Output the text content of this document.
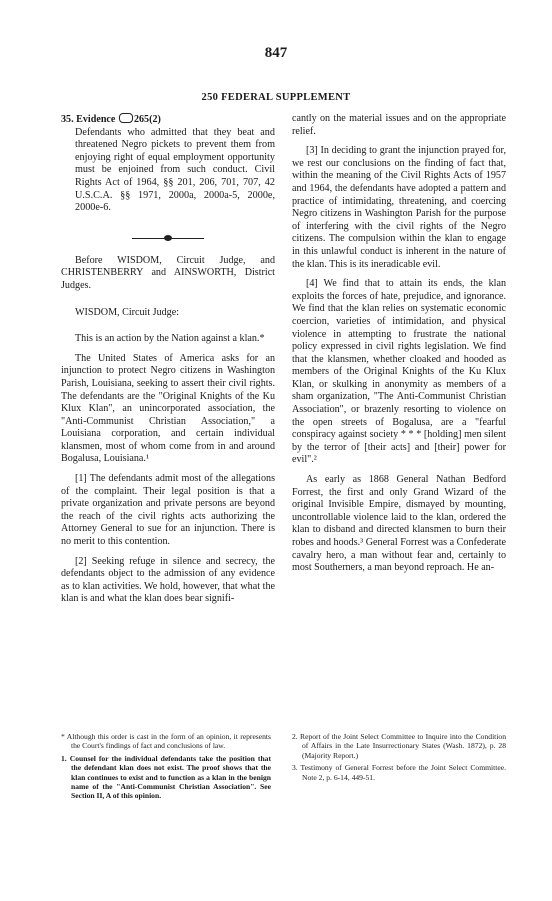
847
250 FEDERAL SUPPLEMENT

35. Evidence 265(2)

Defendants who admitted that they beat and threatened Negro pickets to prevent them from enjoying right of equal employment opportunity must be enjoined from such conduct. Civil Rights Act of 1964, §§ 201, 206, 701, 707, 42 U.S.C.A. §§ 1971, 2000a, 2000a-5, 2000e, 2000e-6.

Before WISDOM, Circuit Judge, and CHRISTENBERRY and AINSWORTH, District Judges.

WISDOM, Circuit Judge:

This is an action by the Nation against a klan.*

The United States of America asks for an injunction to protect Negro citizens in Washington Parish, Louisiana, seeking to assert their civil rights. The defendants are the "Original Knights of the Ku Klux Klan", an unincorporated association, the "Anti-Communist Christian Association," a Louisiana corporation, and certain individual klansmen, most of whom come from in and around Bogalusa, Louisiana.¹

[1] The defendants admit most of the allegations of the complaint. Their legal position is that a private organization and private persons are beyond the reach of the civil rights acts authorizing the Attorney General to sue for an injunction. There is no merit to this contention.

[2] Seeking refuge in silence and secrecy, the defendants object to the admission of any evidence as to klan activities. We hold, however, that what the klan is and what the klan does bear signifi-

cantly on the material issues and on the appropriate relief.

[3] In deciding to grant the injunction prayed for, we rest our conclusions on the finding of fact that, within the meaning of the Civil Rights Acts of 1957 and 1964, the defendants have adopted a pattern and practice of intimidating, threatening, and coercing Negro citizens in Washington Parish for the purpose of interfering with the civil rights of the Negro citizens. The compulsion within the klan to engage in this unlawful conduct is inherent in the nature of the klan. This is its ineradicable evil.

[4] We find that to attain its ends, the klan exploits the forces of hate, prejudice, and ignorance. We find that the klan relies on systematic economic coercion, varieties of intimidation, and physical violence in attempting to frustrate the national policy expressed in civil rights legislation. We find that the klansmen, whether cloaked and hooded as members of the Original Knights of the Ku Klux Klan, or skulking in anonymity as members of a sham organization, "The Anti-Communist Christian Association", or brazenly resorting to violence on the open streets of Bogalusa, are a "fearful conspiracy against society * * * [holding] men silent by the terror of [their acts] and [their] power for evil".²

As early as 1868 General Nathan Bedford Forrest, the first and only Grand Wizard of the original Invisible Empire, dismayed by mounting, uncontrollable violence laid to the klan, ordered the klan to disband and directed klansmen to burn their robes and hoods.³ General Forrest was a Confederate cavalry hero, a man without fear and, certainly to most Southerners, a man beyond reproach. He an-

* Although this order is cast in the form of an opinion, it represents the Court's findings of fact and conclusions of law.

1. Counsel for the individual defendants take the position that the defendant klan does not exist. The proof shows that the klan continues to exist and to function as a klan in the benign name of the "Anti-Communist Christian Association". See Section II, A of this opinion.

2. Report of the Joint Select Committee to Inquire into the Condition of Affairs in the Late Insurrectionary States (Wash. 1872), p. 28 (Majority Report.)

3. Testimony of General Forrest before the Joint Select Committee. Note 2, p. 6-14, 449-51.
